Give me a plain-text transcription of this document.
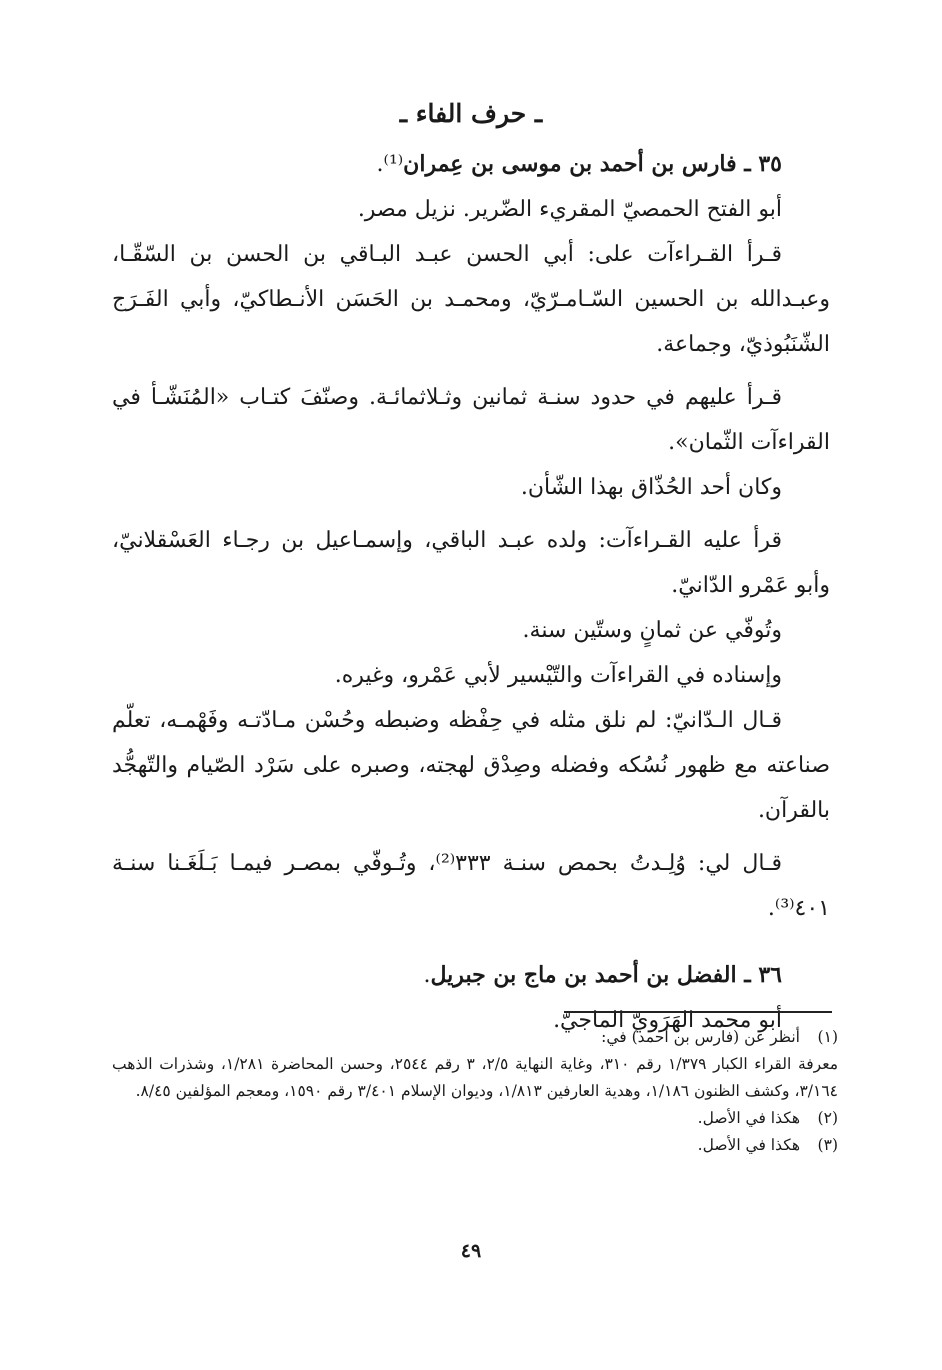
ـ حرف الفاء ـ

٣٥ ـ فارس بن أحمد بن موسى بن عِمران⁽¹⁾.

أبو الفتح الحمصيّ المقريء الضّرير. نزيل مصر.

قـرأ القـراءآت على: أبي الحسن عبـد البـاقي بن الحسن بن السّقّـا، وعبـدالله بن الحسين السّـامـرّيّ، ومحمـد بن الحَسَن الأنـطاكيّ، وأبي الفَـرَج الشّنَبُوذيّ، وجماعة.

قـرأ عليهم في حدود سنـة ثمانين وثـلاثمائـة. وصنّفَ كتـاب «المُنَشّـأ في القراءآت الثّمان».

وكان أحد الحُذّاق بهذا الشّأن.

قرأ عليه القـراءآت: ولده عبـد الباقي، وإسمـاعيل بن رجـاء العَسْقلانيّ، وأبو عَمْرو الدّانيّ.

وتُوفّي عن ثمانٍ وستّين سنة.

وإسناده في القراءآت والتّيْسير لأبي عَمْرو، وغيره.

قـال الـدّانيّ: لم نلق مثله في حِفْظه وضبطه وحُسْن مـادّتـه وفَهْمـه، تعلّم صناعته مع ظهور نُسُكه وفضله وصِدْق لهجته، وصبره على سَرْد الصّيام والتّهجُّد بالقرآن.

قـال لي: وُلِـدتُ بحمص سنـة ٣٣٣⁽²⁾، وتُـوفّي بمصـر فيمـا بَـلَغَـنا سنـة ٤٠١⁽³⁾.

٣٦ ـ الفضل بن أحمد بن ماج بن جبريل.

أبو محمد الهَرَويّ الماجيّ.

(١)
أنظر عن (فارس بن أحمد) في:

معرفة القراء الكبار ١/٣٧٩ رقم ٣١٠، وغاية النهاية ٢/٥، ٣ رقم ٢٥٤٤، وحسن المحاضرة ١/٢٨١، وشذرات الذهب ٣/١٦٤، وكشف الظنون ١/١٨٦، وهدية العارفين ١/٨١٣، وديوان الإسلام ٣/٤٠١ رقم ١٥٩٠، ومعجم المؤلفين ٨/٤٥.

(٢)
هكذا في الأصل.
(٣)
هكذا في الأصل.
٤٩
